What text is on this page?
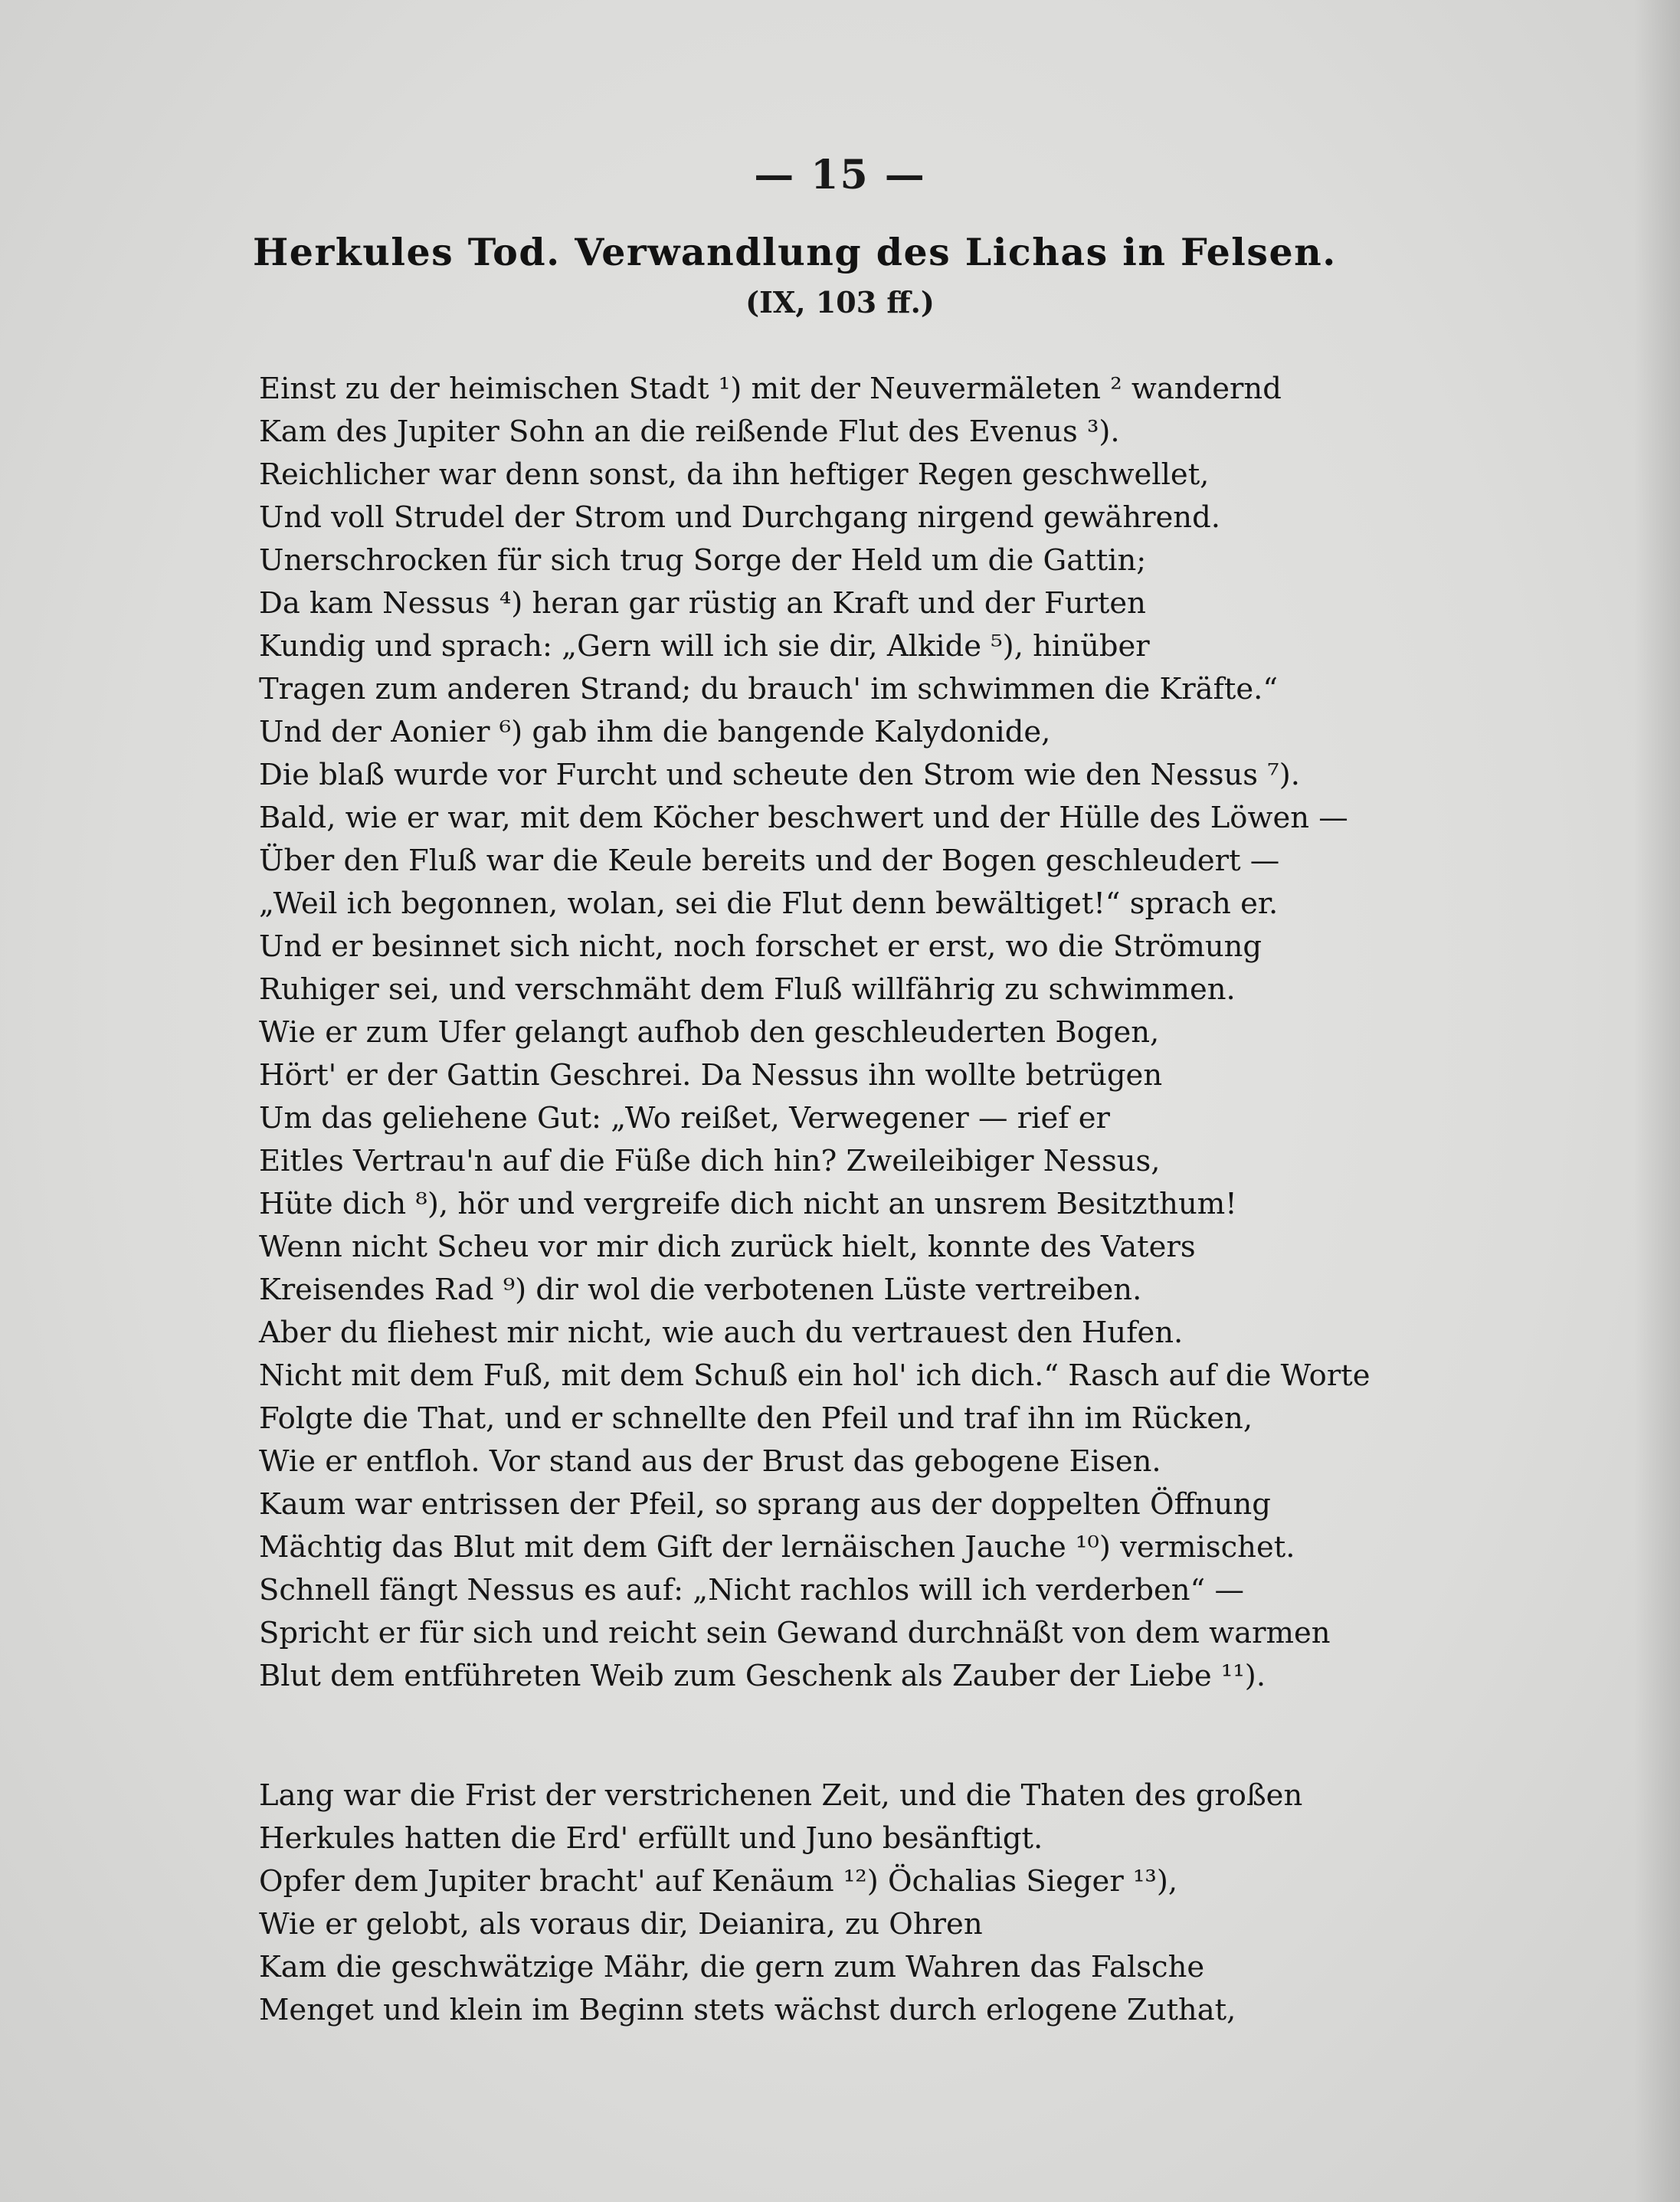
— 15 —
Herkules Tod. Verwandlung des Lichas in Felsen.
(IX, 103 ff.)
Einst zu der heimischen Stadt ¹) mit der Neuvermäleten ² wandernd
Kam des Jupiter Sohn an die reißende Flut des Evenus ³).
Reichlicher war denn sonst, da ihn heftiger Regen geschwellet,
Und voll Strudel der Strom und Durchgang nirgend gewährend.
Unerschrocken für sich trug Sorge der Held um die Gattin;
Da kam Nessus ⁴) heran gar rüstig an Kraft und der Furten
Kundig und sprach: „Gern will ich sie dir, Alkide ⁵), hinüber
Tragen zum anderen Strand; du brauch' im schwimmen die Kräfte.“
Und der Aonier ⁶) gab ihm die bangende Kalydonide,
Die blaß wurde vor Furcht und scheute den Strom wie den Nessus ⁷).
Bald, wie er war, mit dem Köcher beschwert und der Hülle des Löwen —
Über den Fluß war die Keule bereits und der Bogen geschleudert —
„Weil ich begonnen, wolan, sei die Flut denn bewältiget!“ sprach er.
Und er besinnet sich nicht, noch forschet er erst, wo die Strömung
Ruhiger sei, und verschmäht dem Fluß willfährig zu schwimmen.
Wie er zum Ufer gelangt aufhob den geschleuderten Bogen,
Hört' er der Gattin Geschrei. Da Nessus ihn wollte betrügen
Um das geliehene Gut: „Wo reißet, Verwegener — rief er
Eitles Vertrau'n auf die Füße dich hin? Zweileibiger Nessus,
Hüte dich ⁸), hör und vergreife dich nicht an unsrem Besitzthum!
Wenn nicht Scheu vor mir dich zurück hielt, konnte des Vaters
Kreisendes Rad ⁹) dir wol die verbotenen Lüste vertreiben.
Aber du fliehest mir nicht, wie auch du vertrauest den Hufen.
Nicht mit dem Fuß, mit dem Schuß ein hol' ich dich.“ Rasch auf die Worte
Folgte die That, und er schnellte den Pfeil und traf ihn im Rücken,
Wie er entfloh. Vor stand aus der Brust das gebogene Eisen.
Kaum war entrissen der Pfeil, so sprang aus der doppelten Öffnung
Mächtig das Blut mit dem Gift der lernäischen Jauche ¹⁰) vermischet.
Schnell fängt Nessus es auf: „Nicht rachlos will ich verderben“ —
Spricht er für sich und reicht sein Gewand durchnäßt von dem warmen
Blut dem entführeten Weib zum Geschenk als Zauber der Liebe ¹¹).
Lang war die Frist der verstrichenen Zeit, und die Thaten des großen
Herkules hatten die Erd' erfüllt und Juno besänftigt.
Opfer dem Jupiter bracht' auf Kenäum ¹²) Öchalias Sieger ¹³),
Wie er gelobt, als voraus dir, Deianira, zu Ohren
Kam die geschwätzige Mähr, die gern zum Wahren das Falsche
Menget und klein im Beginn stets wächst durch erlogene Zuthat,
